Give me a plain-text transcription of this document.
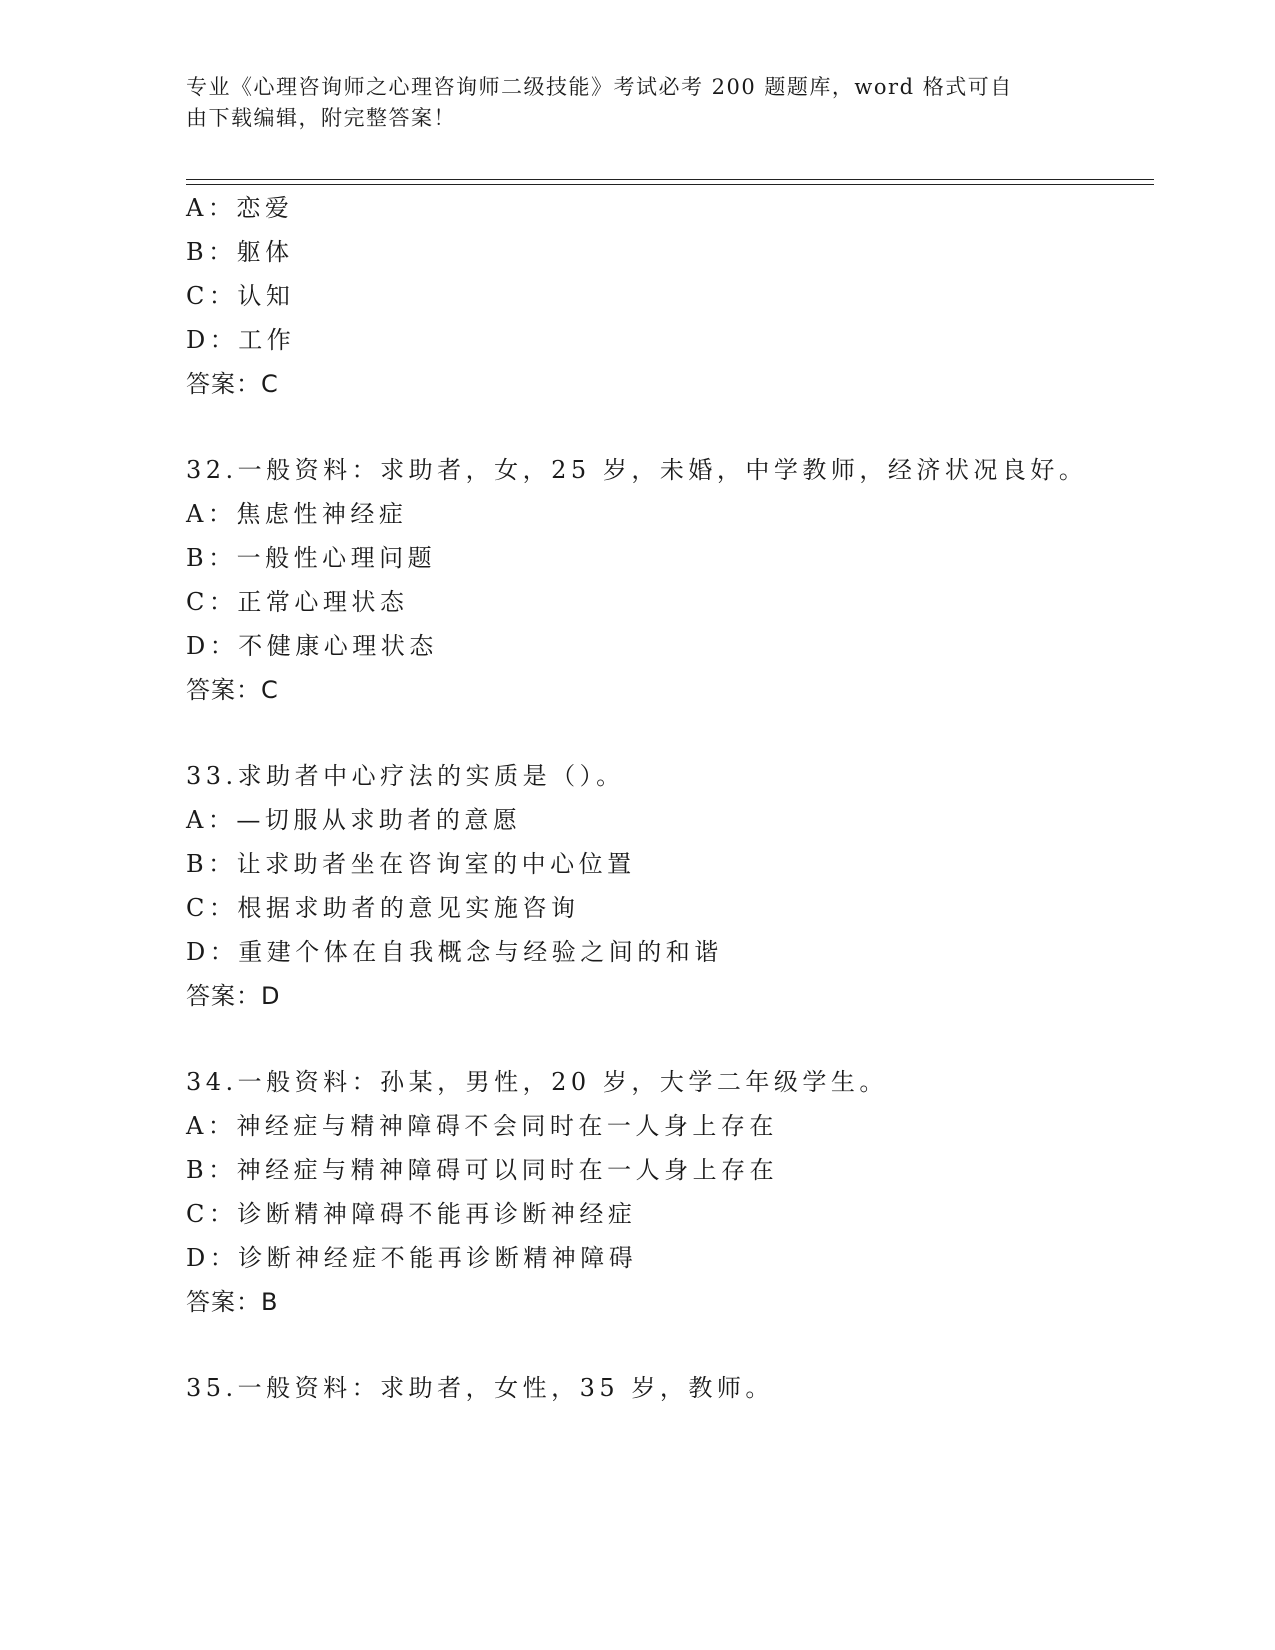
专业《心理咨询师之心理咨询师二级技能》考试必考 200 题题库，word 格式可自
由下载编辑，附完整答案！
A：恋爱
B：躯体
C：认知
D：工作
答案：C
32.一般资料：求助者，女，25 岁，未婚，中学教师，经济状况良好。
A：焦虑性神经症
B：一般性心理问题
C：正常心理状态
D：不健康心理状态
答案：C
33.求助者中心疗法的实质是（）。
A：—切服从求助者的意愿
B：让求助者坐在咨询室的中心位置
C：根据求助者的意见实施咨询
D：重建个体在自我概念与经验之间的和谐
答案：D
34.一般资料：孙某，男性，20 岁，大学二年级学生。
A：神经症与精神障碍不会同时在一人身上存在
B：神经症与精神障碍可以同时在一人身上存在
C：诊断精神障碍不能再诊断神经症
D：诊断神经症不能再诊断精神障碍
答案：B
35.一般资料：求助者，女性，35 岁，教师。
